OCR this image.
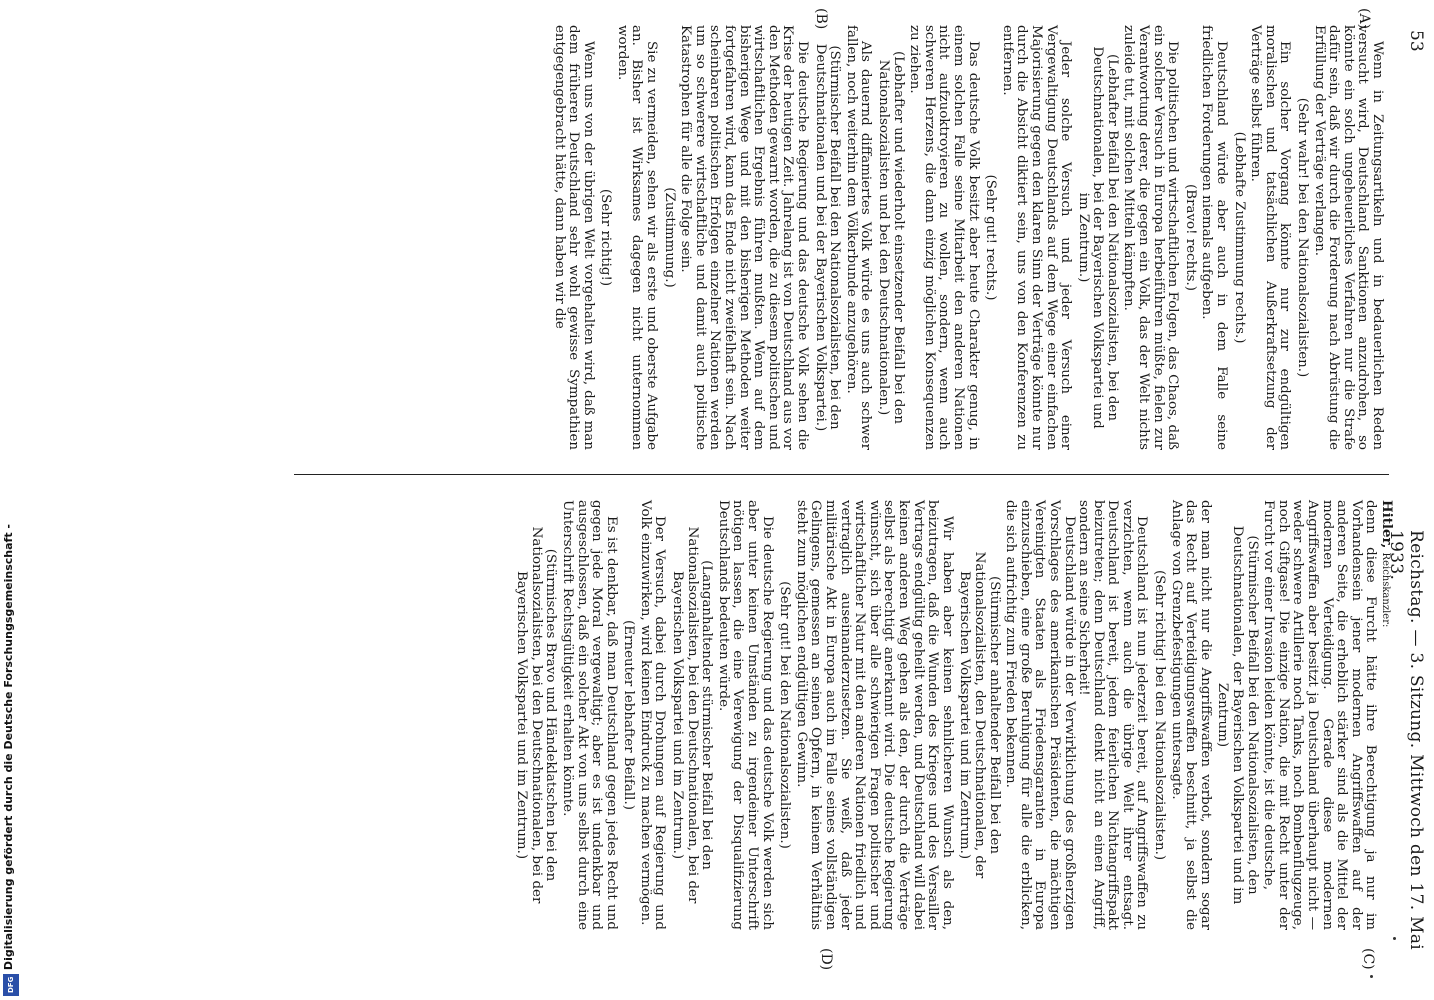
53
Reichstag. — 3. Sitzung. Mittwoch den 17. Mai 1933.
(A)
(B)
(C)
(D)

Wenn in Zeitungsartikeln und in bedauerlichen Reden versucht wird, Deutschland Sanktionen anzudrohen, so könnte ein solch ungeheuerliches Verfahren nur die Strafe dafür sein, daß wir durch die Forderung nach Abrüstung die Erfüllung der Verträge verlangen.

(Sehr wahr! bei den Nationalsozialisten.)

Ein solcher Vorgang könnte nur zur endgültigen moralischen und tatsächlichen Außerkraftsetzung der Verträge selbst führen.

(Lebhafte Zustimmung rechts.)

Deutschland würde aber auch in dem Falle seine friedlichen Forderungen niemals aufgeben.

(Bravo! rechts.)

Die politischen und wirtschaftlichen Folgen, das Chaos, daß ein solcher Versuch in Europa herbeiführen müßte, fielen zur Verantwortung derer, die gegen ein Volk, das der Welt nichts zuleide tut, mit solchen Mitteln kämpften.

(Lebhafter Beifall bei den Nationalsozialisten, bei den Deutschnationalen, bei der Bayerischen Volkspartei und im Zentrum.)

Jeder solche Versuch und jeder Versuch einer Vergewaltigung Deutschlands auf dem Wege einer einfachen Majorisierung gegen den klaren Sinn der Verträge könnte nur durch die Absicht diktiert sein, uns von den Konferenzen zu entfernen.

(Sehr gut! rechts.)

Das deutsche Volk besitzt aber heute Charakter genug, in einem solchen Falle seine Mitarbeit den anderen Nationen nicht aufzuoktroyieren zu wollen, sondern, wenn auch schweren Herzens, die dann einzig möglichen Konsequenzen zu ziehen.

(Lebhafter und wiederholt einsetzender Beifall bei den Nationalsozialisten und bei den Deutschnationalen.)

Als dauernd diffamiertes Volk würde es uns auch schwer fallen, noch weiterhin dem Völkerbunde anzugehören.

(Stürmischer Beifall bei den Nationalsozialisten, bei den Deutschnationalen und bei der Bayerischen Volkspartei.)

Die deutsche Regierung und das deutsche Volk sehen die Krise der heutigen Zeit. Jahrelang ist von Deutschland aus vor den Methoden gewarnt worden, die zu diesem politischen und wirtschaftlichen Ergebnis führen mußten. Wenn auf dem bisherigen Wege und mit den bisherigen Methoden weiter fortgefahren wird, kann das Ende nicht zweifelhaft sein. Nach scheinbaren politischen Erfolgen einzelner Nationen werden um so schwerere wirtschaftliche und damit auch politische Katastrophen für alle die Folge sein.

(Zustimmung.)

Sie zu vermeiden, sehen wir als erste und oberste Aufgabe an. Bisher ist Wirksames dagegen nicht unternommen worden.

(Sehr richtig!)

Wenn uns von der übrigen Welt vorgehalten wird, daß man dem früheren Deutschland sehr wohl gewisse Sympathien entgegengebracht hätte, dann haben wir die

Hitler, Reichskanzler:

denn diese Furcht hätte ihre Berechtigung ja nur im Vorhandensein jener modernen Angriffswaffen auf der anderen Seite, die erheblich stärker sind als die Mittel der modernen Verteidigung. Gerade diese modernen Angriffswaffen aber besitzt ja Deutschland überhaupt nicht — weder schwere Artillerie noch Tanks, noch Bombenflugzeuge, noch Giftgase! Die einzige Nation, die mit Recht unter der Furcht vor einer Invasion leiden könnte, ist die deutsche,

(Stürmischer Beifall bei den Nationalsozialisten, den Deutschnationalen, der Bayerischen Volkspartei und im Zentrum)

der man nicht nur die Angriffswaffen verbot, sondern sogar das Recht auf Verteidigungswaffen beschnitt, ja selbst die Anlage von Grenzbefestigungen untersagte.

(Sehr richtig! bei den Nationalsozialisten.)

Deutschland ist nun jederzeit bereit, auf Angriffswaffen zu verzichten, wenn auch die übrige Welt ihrer entsagt. Deutschland ist bereit, jedem feierlichen Nichtangriffspakt beizutreten; denn Deutschland denkt nicht an einen Angriff, sondern an seine Sicherheit!

Deutschland würde in der Verwirklichung des großherzigen Vorschlages des amerikanischen Präsidenten, die mächtigen Vereinigten Staaten als Friedensgaranten in Europa einzuschieben, eine große Beruhigung für alle die erblicken, die sich aufrichtig zum Frieden bekennen.

(Stürmischer anhaltender Beifall bei den Nationalsozialisten, den Deutschnationalen, der Bayerischen Volkspartei und im Zentrum.)

Wir haben aber keinen sehnlicheren Wunsch als den, beizutragen, daß die Wunden des Krieges und des Versailler Vertrags endgültig geheilt werden, und Deutschland will dabei keinen anderen Weg gehen als den, der durch die Verträge selbst als berechtigt anerkannt wird. Die deutsche Regierung wünscht, sich über alle schwierigen Fragen politischer und wirtschaftlicher Natur mit den anderen Nationen friedlich und vertraglich auseinanderzusetzen. Sie weiß, daß jeder militärische Akt in Europa auch im Falle seines vollständigen Gelingens, gemessen an seinen Opfern, in keinem Verhältnis steht zum möglichen endgültigen Gewinn.

(Sehr gut! bei den Nationalsozialisten.)

Die deutsche Regierung und das deutsche Volk werden sich aber unter keinen Umständen zu irgendeiner Unterschrift nötigen lassen, die eine Verewigung der Disqualifizierung Deutschlands bedeuten würde.

(Langanhaltender stürmischer Beifall bei den Nationalsozialisten, bei den Deutschnationalen, bei der Bayerischen Volkspartei und im Zentrum.)

Der Versuch, dabei durch Drohungen auf Regierung und Volk einzuwirken, wird keinen Eindruck zu machen vermögen.

(Erneuter lebhafter Beifall.)

Es ist denkbar, daß man Deutschland gegen jedes Recht und gegen jede Moral vergewaltigt; aber es ist undenkbar und ausgeschlossen, daß ein solcher Akt von uns selbst durch eine Unterschrift Rechtsgültigkeit erhalten könnte.

(Stürmisches Bravo und Händeklatschen bei den Nationalsozialisten, bei den Deutschnationalen, bei der Bayerischen Volkspartei und im Zentrum.)
Digitalisierung gefördert durch die Deutsche Forschungsgemeinschaft -
DFG
